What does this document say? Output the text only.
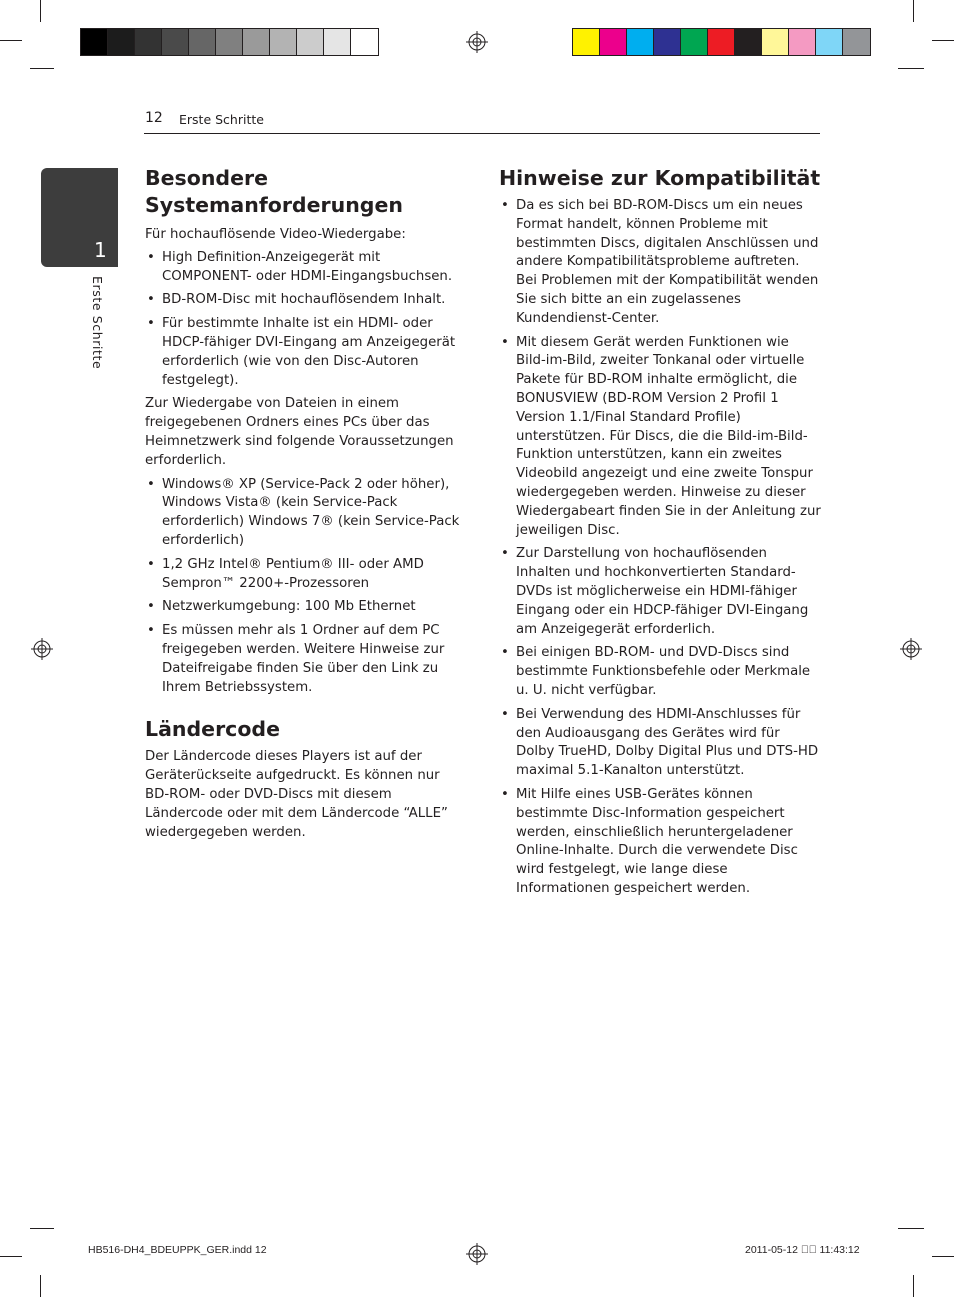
12 Erste Schritte
1
Erste Schritte
Besondere Systemanforderungen

Für hochauflösende Video-Wiedergabe:

• High Definition-Anzeigegerät mit COMPONENT- oder HDMI-Eingangsbuchsen.
• BD-ROM-Disc mit hochauflösendem Inhalt.
• Für bestimmte Inhalte ist ein HDMI- oder HDCP-fähiger DVI-Eingang am Anzeigegerät erforderlich (wie von den Disc-Autoren festgelegt).

Zur Wiedergabe von Dateien in einem freigegebenen Ordners eines PCs über das Heimnetzwerk sind folgende Voraussetzungen erforderlich.

• Windows® XP (Service-Pack 2 oder höher), Windows Vista® (kein Service-Pack erforderlich) Windows 7® (kein Service-Pack erforderlich)
• 1,2 GHz Intel® Pentium® III- oder AMD Sempron™ 2200+-Prozessoren
• Netzwerkumgebung: 100 Mb Ethernet
• Es müssen mehr als 1 Ordner auf dem PC freigegeben werden. Weitere Hinweise zur Dateifreigabe finden Sie über den Link zu Ihrem Betriebssystem.
Ländercode

Der Ländercode dieses Players ist auf der Geräterückseite aufgedruckt. Es können nur BD-ROM- oder DVD-Discs mit diesem Ländercode oder mit dem Ländercode “ALLE” wiedergegeben werden.

Hinweise zur Kompatibilität
• Da es sich bei BD-ROM-Discs um ein neues Format handelt, können Probleme mit bestimmten Discs, digitalen Anschlüssen und andere Kompatibilitätsprobleme auftreten. Bei Problemen mit der Kompatibilität wenden Sie sich bitte an ein zugelassenes Kundendienst-Center.
• Mit diesem Gerät werden Funktionen wie Bild-im-Bild, zweiter Tonkanal oder virtuelle Pakete für BD-ROM inhalte ermöglicht, die BONUSVIEW (BD-ROM Version 2 Profil 1 Version 1.1/Final Standard Profile) unterstützen. Für Discs, die die Bild-im-Bild-Funktion unterstützen, kann ein zweites Videobild angezeigt und eine zweite Tonspur wiedergegeben werden. Hinweise zu dieser Wiedergabeart finden Sie in der Anleitung zur jeweiligen Disc.
• Zur Darstellung von hochauflösenden Inhalten und hochkonvertierten Standard-DVDs ist möglicherweise ein HDMI-fähiger Eingang oder ein HDCP-fähiger DVI-Eingang am Anzeigegerät erforderlich.
• Bei einigen BD-ROM- und DVD-Discs sind bestimmte Funktionsbefehle oder Merkmale u. U. nicht verfügbar.
• Bei Verwendung des HDMI-Anschlusses für den Audioausgang des Gerätes wird für Dolby TrueHD, Dolby Digital Plus und DTS-HD maximal 5.1-Kanalton unterstützt.
• Mit Hilfe eines USB-Gerätes können bestimmte Disc-Information gespeichert werden, einschließlich heruntergeladener Online-Inhalte. Durch die verwendete Disc wird festgelegt, wie lange diese Informationen gespeichert werden.
HB516-DH4_BDEUPPK_GER.indd 12	2011-05-12 ￿￿ 11:43:12
